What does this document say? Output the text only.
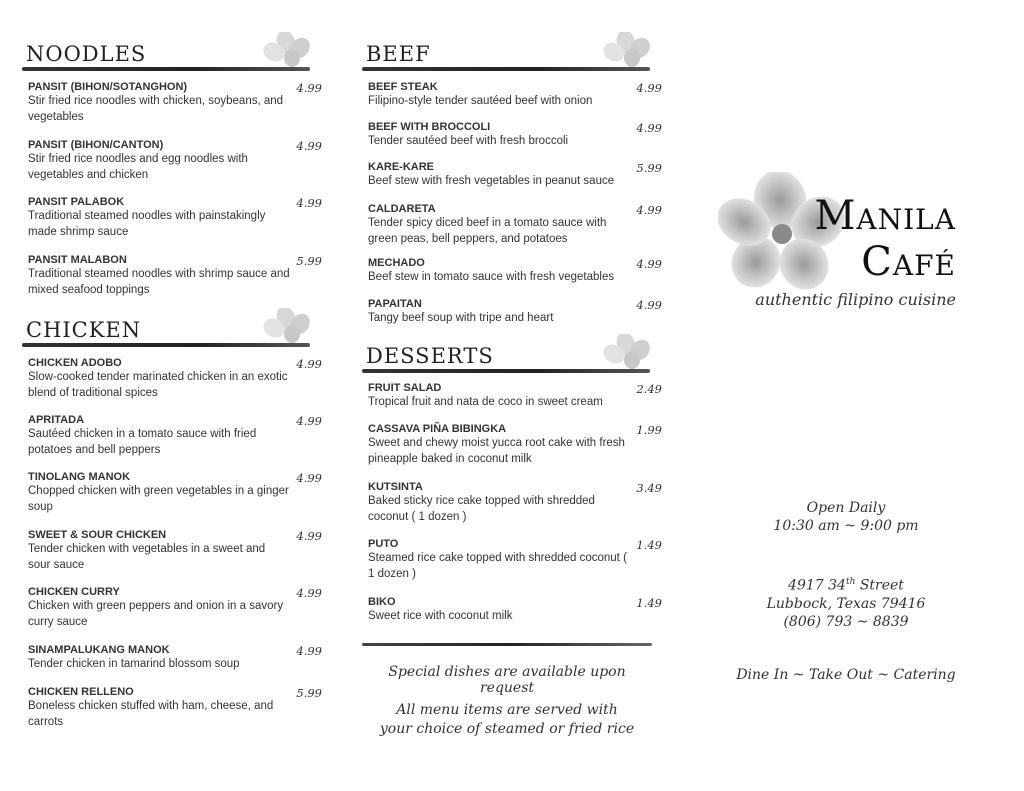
NOODLES
PANSIT (BIHON/SOTANGHON)
Stir fried rice noodles with chicken, soybeans, and vegetables
4.99
PANSIT (BIHON/CANTON)
Stir fried rice noodles and egg noodles with vegetables and chicken
4.99
PANSIT PALABOK
Traditional steamed noodles with painstakingly made shrimp sauce
4.99
PANSIT MALABON
Traditional steamed noodles with shrimp sauce and mixed seafood toppings
5.99
CHICKEN
CHICKEN ADOBO
Slow-cooked tender marinated chicken in an exotic blend of traditional spices
4.99
APRITADA
Sautéed chicken in a tomato sauce with fried potatoes and bell peppers
4.99
TINOLANG MANOK
Chopped chicken with green vegetables in a ginger soup
4.99
SWEET & SOUR CHICKEN
Tender chicken with vegetables in a sweet and sour sauce
4.99
CHICKEN CURRY
Chicken with green peppers and onion in a savory curry sauce
4.99
SINAMPALUKANG MANOK
Tender chicken in tamarind blossom soup
4.99
CHICKEN RELLENO
Boneless chicken stuffed with ham, cheese, and carrots
5.99
BEEF
BEEF STEAK
Filipino-style tender sautéed beef with onion
4.99
BEEF WITH BROCCOLI
Tender sautéed beef with fresh broccoli
4.99
KARE-KARE
Beef stew with fresh vegetables in peanut sauce
5.99
CALDARETA
Tender spicy diced beef in a tomato sauce with green peas, bell peppers, and potatoes
4.99
MECHADO
Beef stew in tomato sauce with fresh vegetables
4.99
PAPAITAN
Tangy beef soup with tripe and heart
4.99
DESSERTS
FRUIT SALAD
Tropical fruit and nata de coco in sweet cream
2.49
CASSAVA PIÑA BIBINGKA
Sweet and chewy moist yucca root cake with fresh pineapple baked in coconut milk
1.99
KUTSINTA
Baked sticky rice cake topped with shredded coconut ( 1 dozen )
3.49
PUTO
Steamed rice cake topped with shredded coconut ( 1 dozen )
1.49
BIKO
Sweet rice with coconut milk
1.49
Special dishes are available upon request
All menu items are served with
your choice of steamed or fried rice
Manila
Café
authentic filipino cuisine
Open Daily
10:30 am ~ 9:00 pm
4917 34th Street
Lubbock, Texas 79416
(806) 793 ~ 8839
Dine In ~ Take Out ~ Catering
